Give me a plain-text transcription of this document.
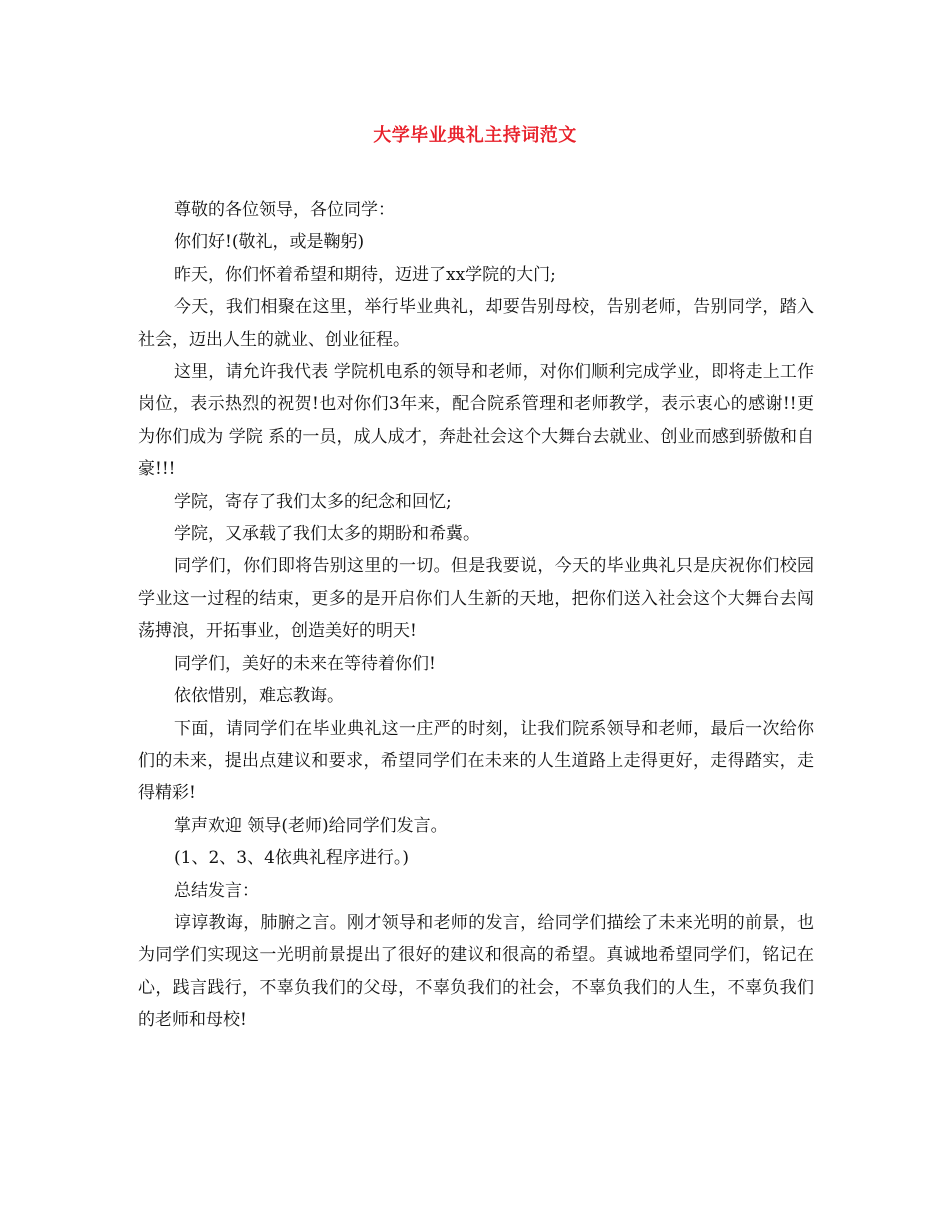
大学毕业典礼主持词范文

尊敬的各位领导，各位同学：

你们好!(敬礼，或是鞠躬)

昨天，你们怀着希望和期待，迈进了xx学院的大门;

今天，我们相聚在这里，举行毕业典礼，却要告别母校，告别老师，告别同学，踏入社会，迈出人生的就业、创业征程。

这里，请允许我代表 学院机电系的领导和老师，对你们顺利完成学业，即将走上工作岗位，表示热烈的祝贺!也对你们3年来，配合院系管理和老师教学，表示衷心的感谢!!更为你们成为 学院 系的一员，成人成才，奔赴社会这个大舞台去就业、创业而感到骄傲和自豪!!!

学院，寄存了我们太多的纪念和回忆;

学院，又承载了我们太多的期盼和希冀。

同学们，你们即将告别这里的一切。但是我要说，今天的毕业典礼只是庆祝你们校园学业这一过程的结束，更多的是开启你们人生新的天地，把你们送入社会这个大舞台去闯荡搏浪，开拓事业，创造美好的明天!

同学们，美好的未来在等待着你们!

依依惜别，难忘教诲。

下面，请同学们在毕业典礼这一庄严的时刻，让我们院系领导和老师，最后一次给你们的未来，提出点建议和要求，希望同学们在未来的人生道路上走得更好，走得踏实，走得精彩!

掌声欢迎 领导(老师)给同学们发言。

(1、2、3、4依典礼程序进行。)

总结发言：

谆谆教诲，肺腑之言。刚才领导和老师的发言，给同学们描绘了未来光明的前景，也为同学们实现这一光明前景提出了很好的建议和很高的希望。真诚地希望同学们，铭记在心，践言践行，不辜负我们的父母，不辜负我们的社会，不辜负我们的人生，不辜负我们的老师和母校!
